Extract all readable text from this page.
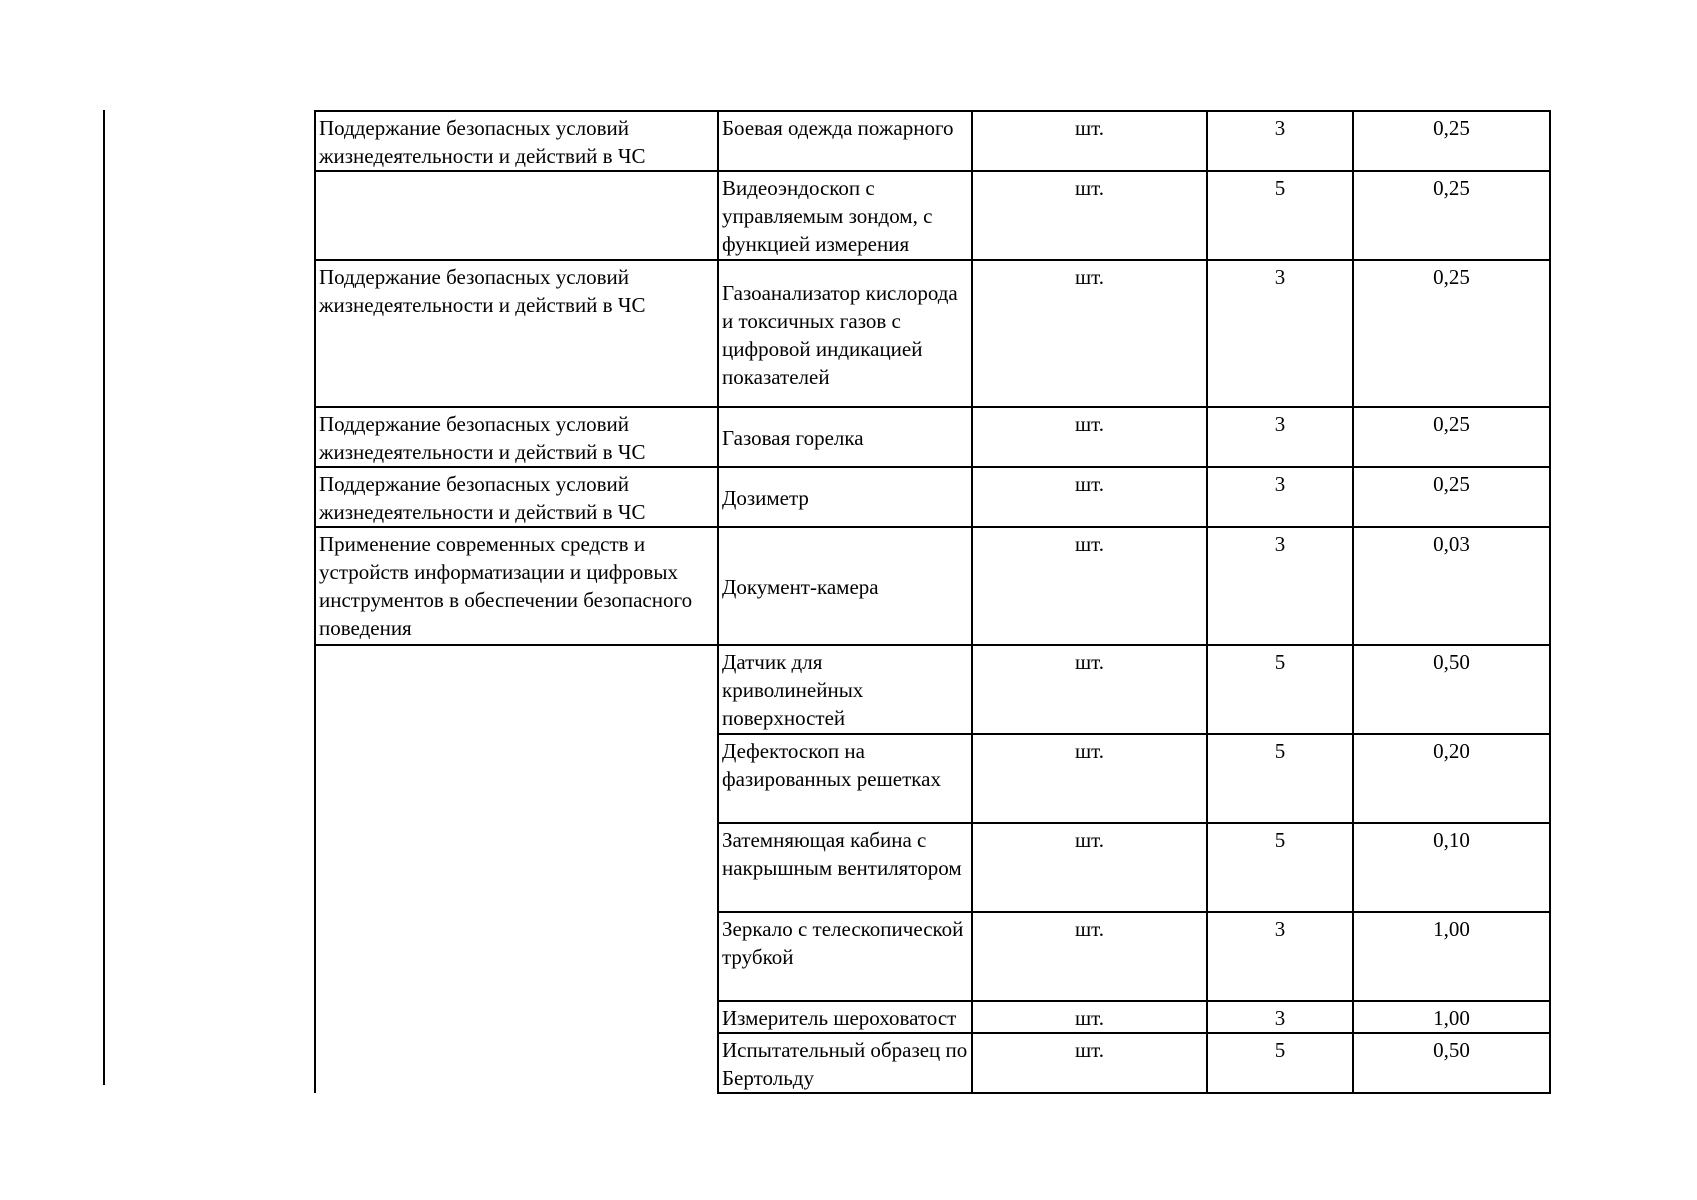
Поддержание безопасных условий жизнедеятельности и действий в ЧС	Боевая одежда пожарного	шт.	3	0,25
	Видеоэндоскоп с управляемым зондом, с функцией измерения	шт.	5	0,25
Поддержание безопасных условий жизнедеятельности и действий в ЧС	Газоанализатор кислорода и токсичных газов с цифровой индикацией показателей	шт.	3	0,25
Поддержание безопасных условий жизнедеятельности и действий в ЧС	Газовая горелка	шт.	3	0,25
Поддержание безопасных условий жизнедеятельности и действий в ЧС	Дозиметр	шт.	3	0,25
Применение современных средств и устройств информатизации и цифровых инструментов в обеспечении безопасного поведения	Документ-камера	шт.	3	0,03
	Датчик для криволинейных поверхностей	шт.	5	0,50
	Дефектоскоп на фазированных решетках	шт.	5	0,20
	Затемняющая кабина с накрышным вентилятором	шт.	5	0,10
	Зеркало с телескопической трубкой	шт.	3	1,00
	Измеритель шероховатост	шт.	3	1,00
	Испытательный образец по Бертольду	шт.	5	0,50
